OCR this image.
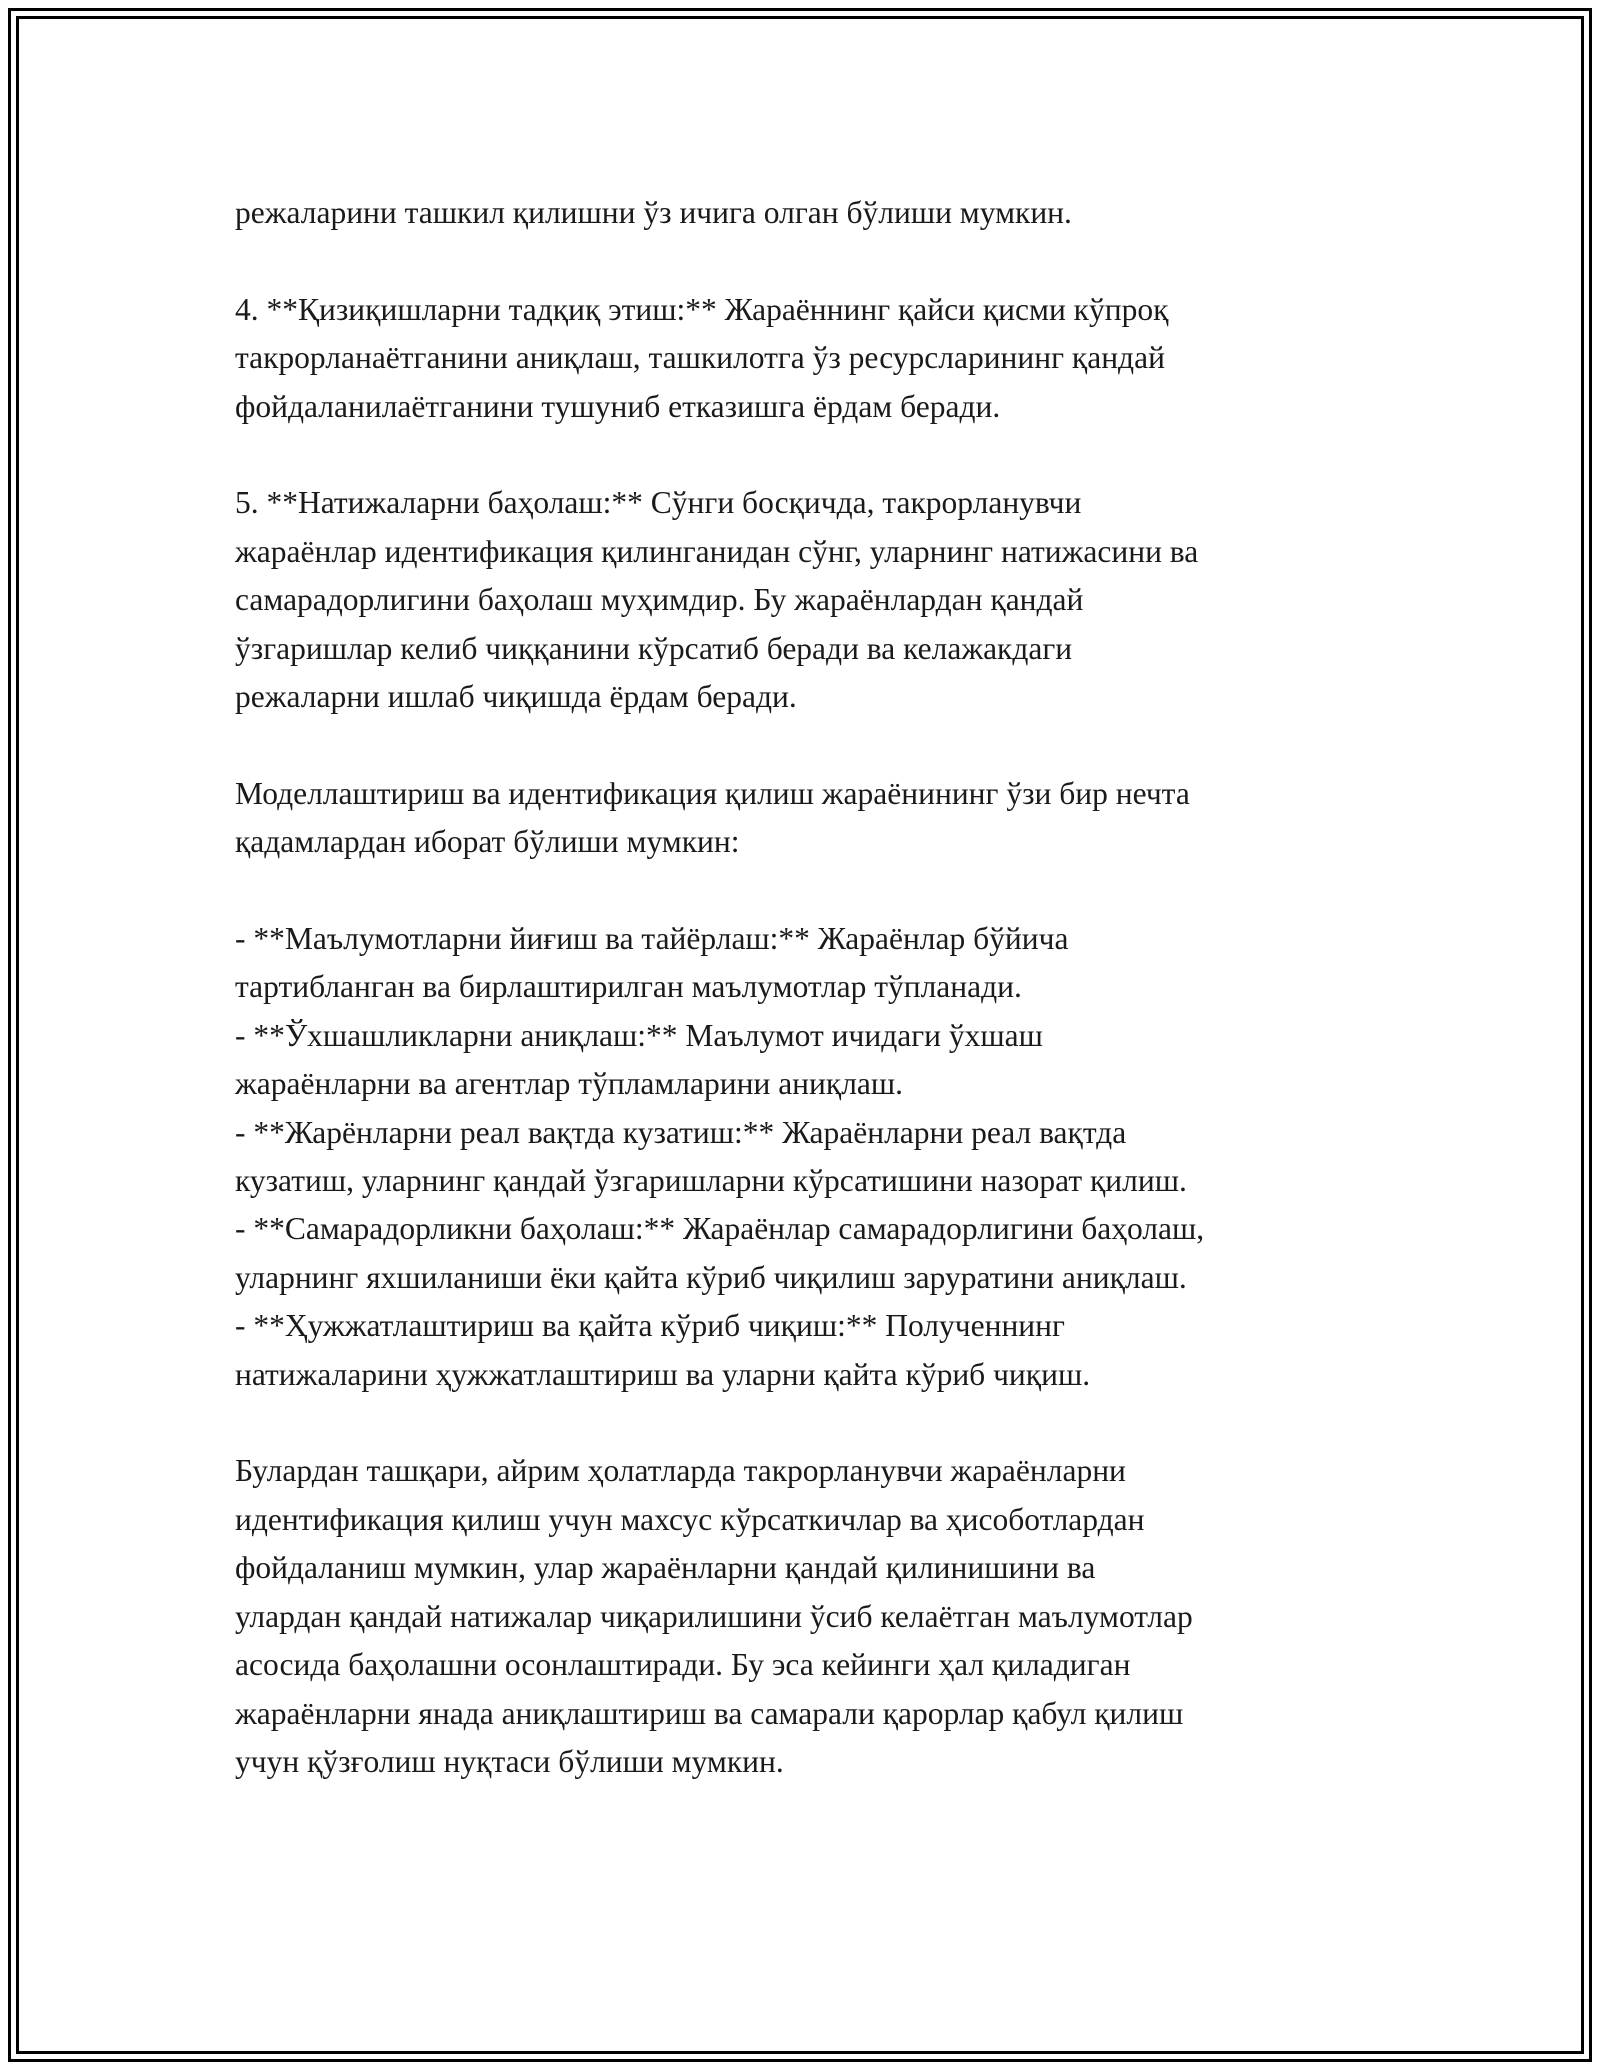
режаларини ташкил қилишни ўз ичига олган бўлиши мумкин.

4. **Қизиқишларни тадқиқ этиш:** Жараённинг қайси қисми кўпроқ
такрорланаётганини аниқлаш, ташкилотга ўз ресурсларининг қандай
фойдаланилаётганини тушуниб етказишга ёрдам беради.

5. **Натижаларни баҳолаш:** Сўнги босқичда, такрорланувчи
жараёнлар идентификация қилинганидан сўнг, уларнинг натижасини ва
самарадорлигини баҳолаш муҳимдир. Бу жараёнлардан қандай
ўзгаришлар келиб чиққанини кўрсатиб беради ва келажакдаги
режаларни ишлаб чиқишда ёрдам беради.

Моделлаштириш ва идентификация қилиш жараёнининг ўзи бир нечта
қадамлардан иборат бўлиши мумкин:

- **Маълумотларни йиғиш ва тайёрлаш:** Жараёнлар бўйича
тартибланган ва бирлаштирилган маълумотлар тўпланади.
- **Ўхшашликларни аниқлаш:** Маълумот ичидаги ўхшаш
жараёнларни ва агентлар тўпламларини аниқлаш.
- **Жарёнларни реал вақтда кузатиш:** Жараёнларни реал вақтда
кузатиш, уларнинг қандай ўзгаришларни кўрсатишини назорат қилиш.
- **Самарадорликни баҳолаш:** Жараёнлар самарадорлигини баҳолаш,
уларнинг яхшиланиши ёки қайта кўриб чиқилиш заруратини аниқлаш.
- **Ҳужжатлаштириш ва қайта кўриб чиқиш:** Полученнинг
натижаларини ҳужжатлаштириш ва уларни қайта кўриб чиқиш.

Булардан ташқари, айрим ҳолатларда такрорланувчи жараёнларни
идентификация қилиш учун махсус кўрсаткичлар ва ҳисоботлардан
фойдаланиш мумкин, улар жараёнларни қандай қилинишини ва
улардан қандай натижалар чиқарилишини ўсиб келаётган маълумотлар
асосида баҳолашни осонлаштиради. Бу эса кейинги ҳал қиладиган
жараёнларни янада аниқлаштириш ва самарали қарорлар қабул қилиш
учун қўзғолиш нуқтаси бўлиши мумкин.
